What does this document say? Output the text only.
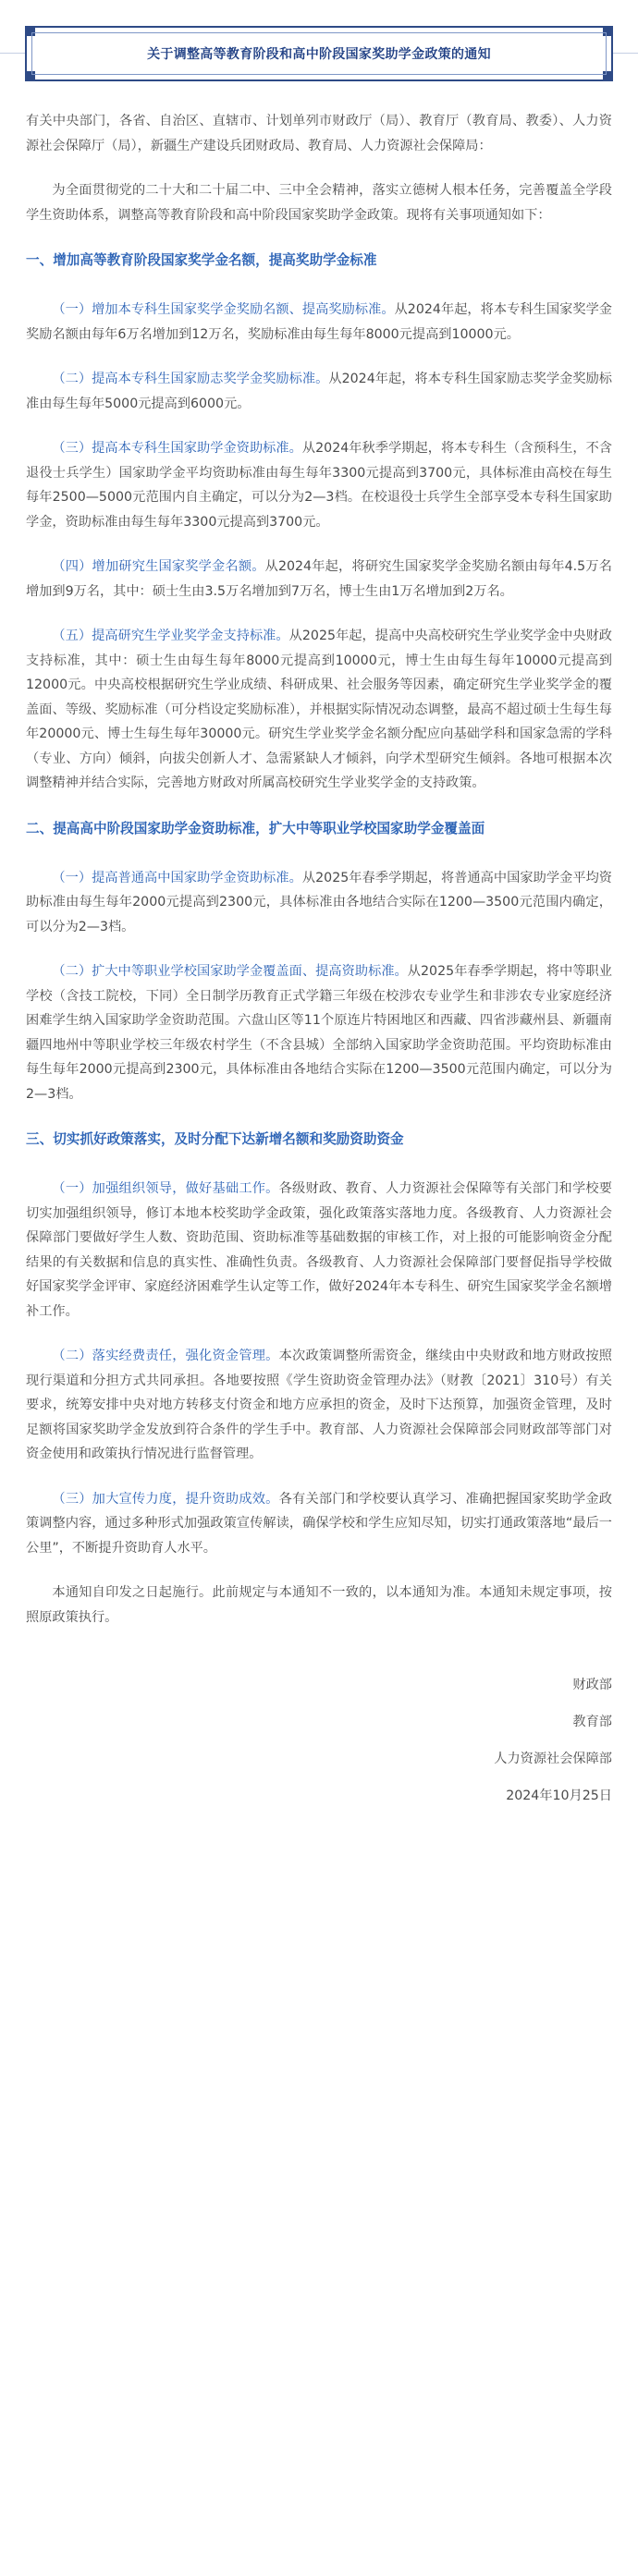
关于调整高等教育阶段和高中阶段国家奖助学金政策的通知

有关中央部门，各省、自治区、直辖市、计划单列市财政厅（局）、教育厅（教育局、教委）、人力资源社会保障厅（局），新疆生产建设兵团财政局、教育局、人力资源社会保障局：

为全面贯彻党的二十大和二十届二中、三中全会精神，落实立德树人根本任务，完善覆盖全学段学生资助体系，调整高等教育阶段和高中阶段国家奖助学金政策。现将有关事项通知如下：

一、增加高等教育阶段国家奖学金名额，提高奖助学金标准

（一）增加本专科生国家奖学金奖励名额、提高奖励标准。从2024年起，将本专科生国家奖学金奖励名额由每年6万名增加到12万名，奖励标准由每生每年8000元提高到10000元。

（二）提高本专科生国家励志奖学金奖励标准。从2024年起，将本专科生国家励志奖学金奖励标准由每生每年5000元提高到6000元。

（三）提高本专科生国家助学金资助标准。从2024年秋季学期起，将本专科生（含预科生，不含退役士兵学生）国家助学金平均资助标准由每生每年3300元提高到3700元，具体标准由高校在每生每年2500—5000元范围内自主确定，可以分为2—3档。在校退役士兵学生全部享受本专科生国家助学金，资助标准由每生每年3300元提高到3700元。

（四）增加研究生国家奖学金名额。从2024年起，将研究生国家奖学金奖励名额由每年4.5万名增加到9万名，其中：硕士生由3.5万名增加到7万名，博士生由1万名增加到2万名。

（五）提高研究生学业奖学金支持标准。从2025年起，提高中央高校研究生学业奖学金中央财政支持标准，其中：硕士生由每生每年8000元提高到10000元，博士生由每生每年10000元提高到12000元。中央高校根据研究生学业成绩、科研成果、社会服务等因素，确定研究生学业奖学金的覆盖面、等级、奖励标准（可分档设定奖励标准），并根据实际情况动态调整，最高不超过硕士生每生每年20000元、博士生每生每年30000元。研究生学业奖学金名额分配应向基础学科和国家急需的学科（专业、方向）倾斜，向拔尖创新人才、急需紧缺人才倾斜，向学术型研究生倾斜。各地可根据本次调整精神并结合实际，完善地方财政对所属高校研究生学业奖学金的支持政策。

二、提高高中阶段国家助学金资助标准，扩大中等职业学校国家助学金覆盖面

（一）提高普通高中国家助学金资助标准。从2025年春季学期起，将普通高中国家助学金平均资助标准由每生每年2000元提高到2300元，具体标准由各地结合实际在1200—3500元范围内确定，可以分为2—3档。

（二）扩大中等职业学校国家助学金覆盖面、提高资助标准。从2025年春季学期起，将中等职业学校（含技工院校，下同）全日制学历教育正式学籍三年级在校涉农专业学生和非涉农专业家庭经济困难学生纳入国家助学金资助范围。六盘山区等11个原连片特困地区和西藏、四省涉藏州县、新疆南疆四地州中等职业学校三年级农村学生（不含县城）全部纳入国家助学金资助范围。平均资助标准由每生每年2000元提高到2300元，具体标准由各地结合实际在1200—3500元范围内确定，可以分为2—3档。

三、切实抓好政策落实，及时分配下达新增名额和奖励资助资金

（一）加强组织领导，做好基础工作。各级财政、教育、人力资源社会保障等有关部门和学校要切实加强组织领导，修订本地本校奖助学金政策，强化政策落实落地力度。各级教育、人力资源社会保障部门要做好学生人数、资助范围、资助标准等基础数据的审核工作，对上报的可能影响资金分配结果的有关数据和信息的真实性、准确性负责。各级教育、人力资源社会保障部门要督促指导学校做好国家奖学金评审、家庭经济困难学生认定等工作，做好2024年本专科生、研究生国家奖学金名额增补工作。

（二）落实经费责任，强化资金管理。本次政策调整所需资金，继续由中央财政和地方财政按照现行渠道和分担方式共同承担。各地要按照《学生资助资金管理办法》（财教〔2021〕310号）有关要求，统筹安排中央对地方转移支付资金和地方应承担的资金，及时下达预算，加强资金管理，及时足额将国家奖助学金发放到符合条件的学生手中。教育部、人力资源社会保障部会同财政部等部门对资金使用和政策执行情况进行监督管理。

（三）加大宣传力度，提升资助成效。各有关部门和学校要认真学习、准确把握国家奖助学金政策调整内容，通过多种形式加强政策宣传解读，确保学校和学生应知尽知，切实打通政策落地“最后一公里”，不断提升资助育人水平。

本通知自印发之日起施行。此前规定与本通知不一致的，以本通知为准。本通知未规定事项，按照原政策执行。

财政部

教育部

人力资源社会保障部

2024年10月25日
